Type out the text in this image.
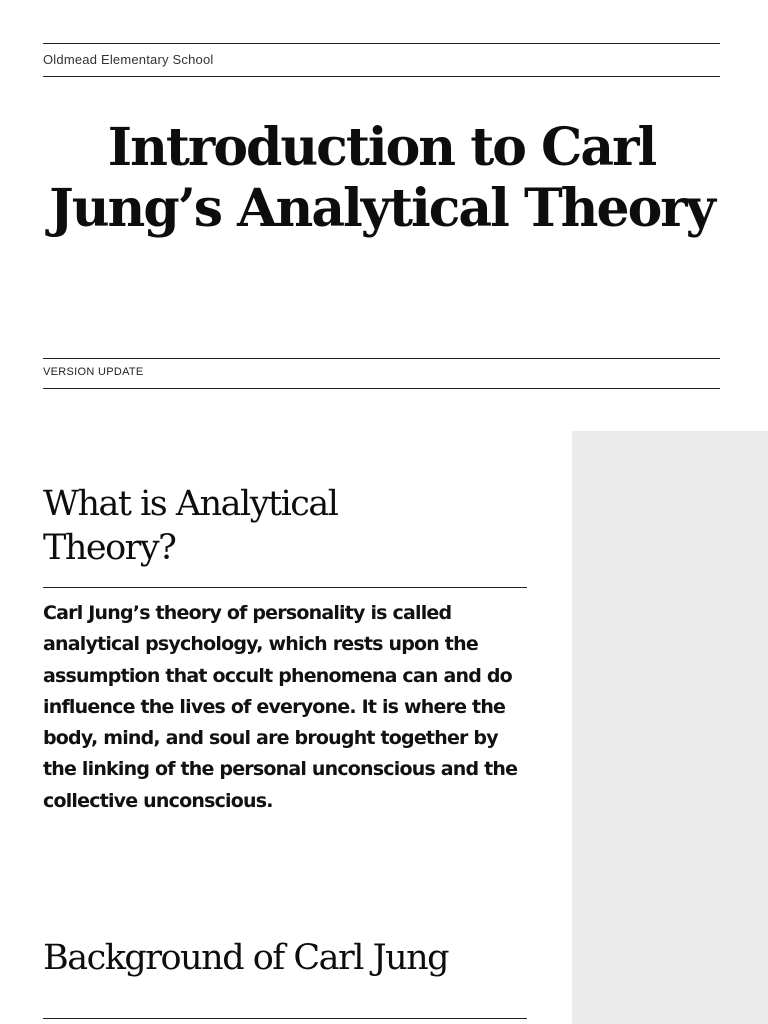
Oldmead Elementary School
Introduction to Carl Jung’s Analytical Theory
VERSION UPDATE
What is Analytical Theory?

Carl Jung’s theory of personality is called analytical psychology, which rests upon the assumption that occult phenomena can and do influence the lives of everyone. It is where the body, mind, and soul are brought together by the linking of the personal unconscious and the collective unconscious.

Background of Carl Jung
